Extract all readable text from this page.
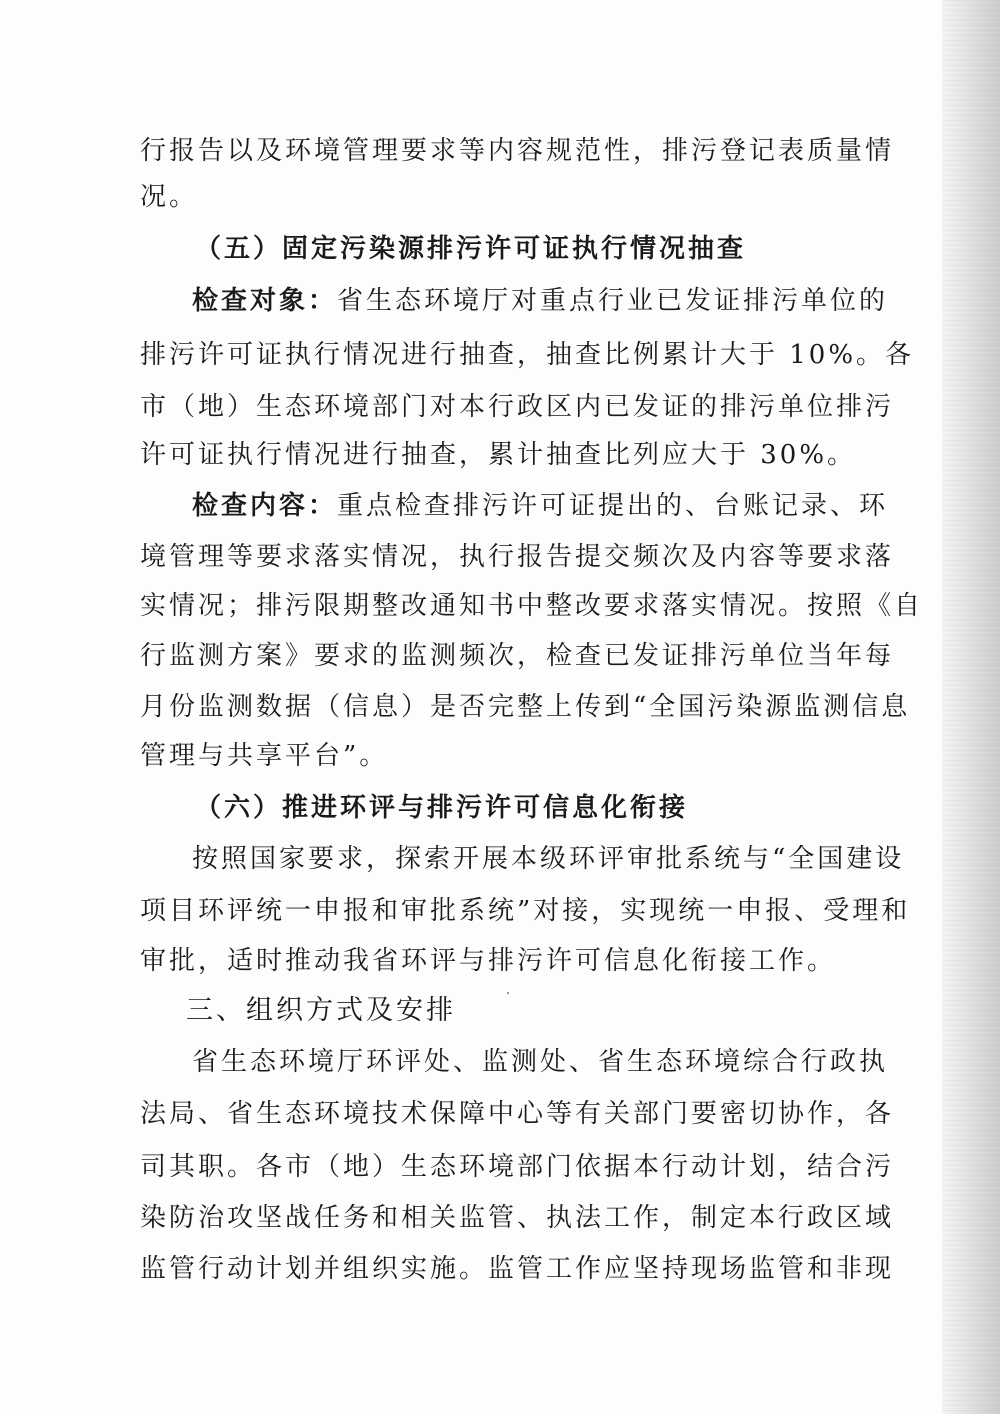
行报告以及环境管理要求等内容规范性，排污登记表质量情
况。
（五）固定污染源排污许可证执行情况抽查
检查对象：省生态环境厅对重点行业已发证排污单位的
排污许可证执行情况进行抽查，抽查比例累计大于 10%。各
市（地）生态环境部门对本行政区内已发证的排污单位排污
许可证执行情况进行抽查，累计抽查比列应大于 30%。
检查内容：重点检查排污许可证提出的、台账记录、环
境管理等要求落实情况，执行报告提交频次及内容等要求落
实情况；排污限期整改通知书中整改要求落实情况。按照《自
行监测方案》要求的监测频次，检查已发证排污单位当年每
月份监测数据（信息）是否完整上传到“全国污染源监测信息
管理与共享平台”。
（六）推进环评与排污许可信息化衔接
按照国家要求，探索开展本级环评审批系统与“全国建设
项目环评统一申报和审批系统”对接，实现统一申报、受理和
审批，适时推动我省环评与排污许可信息化衔接工作。
三、组织方式及安排
省生态环境厅环评处、监测处、省生态环境综合行政执
法局、省生态环境技术保障中心等有关部门要密切协作，各
司其职。各市（地）生态环境部门依据本行动计划，结合污
染防治攻坚战任务和相关监管、执法工作，制定本行政区域
监管行动计划并组织实施。监管工作应坚持现场监管和非现
